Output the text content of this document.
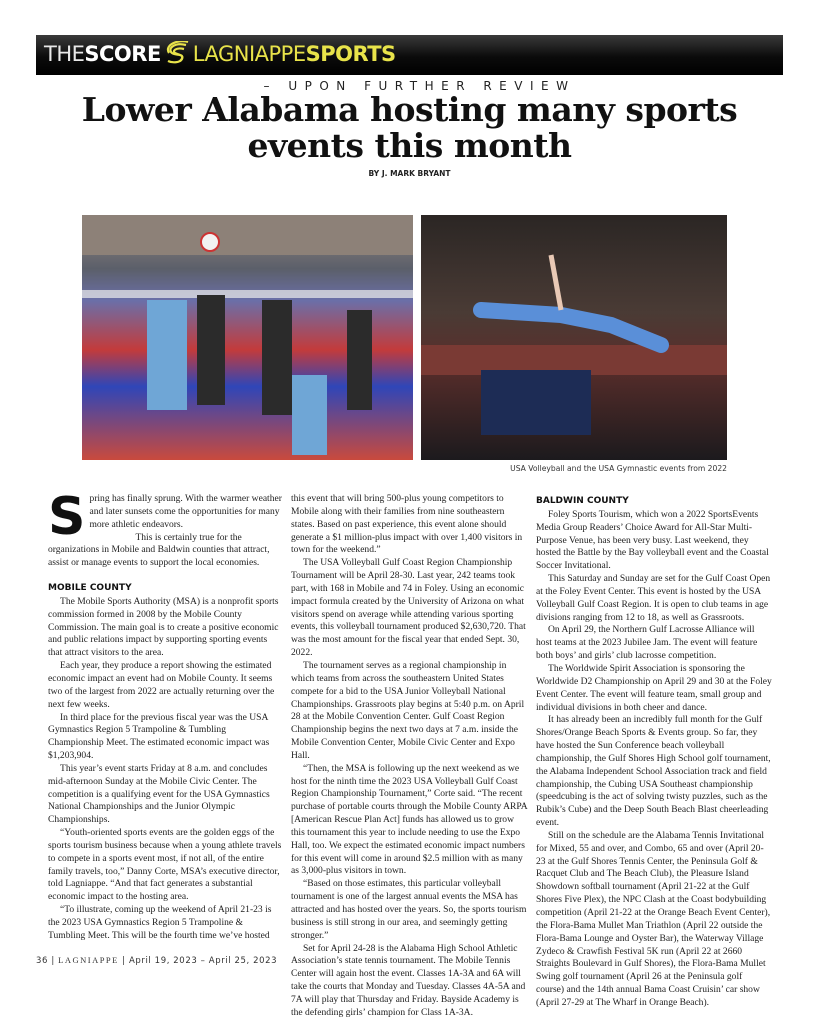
THESCORE LAGNIAPPESPORTS
– UPON FURTHER REVIEW
Lower Alabama hosting many sports events this month
BY J. MARK BRYANT
USA Volleyball and the USA Gymnastic events from 2022

Spring has finally sprung. With the warmer weather and later sunsets come the opportunities for many more athletic endeavors.

This is certainly true for the organizations in Mobile and Baldwin counties that attract, assist or manage events to support the local economies.

MOBILE COUNTY

The Mobile Sports Authority (MSA) is a nonprofit sports commission formed in 2008 by the Mobile County Commission. The main goal is to create a positive economic and public relations impact by supporting sporting events that attract visitors to the area.

Each year, they produce a report showing the estimated economic impact an event had on Mobile County. It seems two of the largest from 2022 are actually returning over the next few weeks.

In third place for the previous fiscal year was the USA Gymnastics Region 5 Trampoline & Tumbling Championship Meet. The estimated economic impact was $1,203,904.

This year’s event starts Friday at 8 a.m. and concludes mid-afternoon Sunday at the Mobile Civic Center. The competition is a qualifying event for the USA Gymnastics National Championships and the Junior Olympic Championships.

“Youth-oriented sports events are the golden eggs of the sports tourism business because when a young athlete travels to compete in a sports event most, if not all, of the entire family travels, too,” Danny Corte, MSA’s executive director, told Lagniappe. “And that fact generates a substantial economic impact to the hosting area.

“To illustrate, coming up the weekend of April 21-23 is the 2023 USA Gymnastics Region 5 Trampoline & Tumbling Meet. This will be the fourth time we’ve hosted

this event that will bring 500-plus young competitors to Mobile along with their families from nine southeastern states. Based on past experience, this event alone should generate a $1 million-plus impact with over 1,400 visitors in town for the weekend.”

The USA Volleyball Gulf Coast Region Championship Tournament will be April 28-30. Last year, 242 teams took part, with 168 in Mobile and 74 in Foley. Using an economic impact formula created by the University of Arizona on what visitors spend on average while attending various sporting events, this volleyball tournament produced $2,630,720. That was the most amount for the fiscal year that ended Sept. 30, 2022.

The tournament serves as a regional championship in which teams from across the southeastern United States compete for a bid to the USA Junior Volleyball National Championships. Grassroots play begins at 5:40 p.m. on April 28 at the Mobile Convention Center. Gulf Coast Region Championship begins the next two days at 7 a.m. inside the Mobile Convention Center, Mobile Civic Center and Expo Hall.

“Then, the MSA is following up the next weekend as we host for the ninth time the 2023 USA Volleyball Gulf Coast Region Championship Tournament,” Corte said. “The recent purchase of portable courts through the Mobile County ARPA [American Rescue Plan Act] funds has allowed us to grow this tournament this year to include needing to use the Expo Hall, too. We expect the estimated economic impact numbers for this event will come in around $2.5 million with as many as 3,000-plus visitors in town.

“Based on those estimates, this particular volleyball tournament is one of the largest annual events the MSA has attracted and has hosted over the years. So, the sports tourism business is still strong in our area, and seemingly getting stronger.”

Set for April 24-28 is the Alabama High School Athletic Association’s state tennis tournament. The Mobile Tennis Center will again host the event. Classes 1A-3A and 6A will take the courts that Monday and Tuesday. Classes 4A-5A and 7A will play that Thursday and Friday. Bayside Academy is the defending girls’ champion for Class 1A-3A.

BALDWIN COUNTY

Foley Sports Tourism, which won a 2022 SportsEvents Media Group Readers’ Choice Award for All-Star Multi-Purpose Venue, has been very busy. Last weekend, they hosted the Battle by the Bay volleyball event and the Coastal Soccer Invitational.

This Saturday and Sunday are set for the Gulf Coast Open at the Foley Event Center. This event is hosted by the USA Volleyball Gulf Coast Region. It is open to club teams in age divisions ranging from 12 to 18, as well as Grassroots.

On April 29, the Northern Gulf Lacrosse Alliance will host teams at the 2023 Jubilee Jam. The event will feature both boys’ and girls’ club lacrosse competition.

The Worldwide Spirit Association is sponsoring the Worldwide D2 Championship on April 29 and 30 at the Foley Event Center. The event will feature team, small group and individual divisions in both cheer and dance.

It has already been an incredibly full month for the Gulf Shores/Orange Beach Sports & Events group. So far, they have hosted the Sun Conference beach volleyball championship, the Gulf Shores High School golf tournament, the Alabama Independent School Association track and field championship, the Cubing USA Southeast championship (speedcubing is the act of solving twisty puzzles, such as the Rubik’s Cube) and the Deep South Beach Blast cheerleading event.

Still on the schedule are the Alabama Tennis Invitational for Mixed, 55 and over, and Combo, 65 and over (April 20-23 at the Gulf Shores Tennis Center, the Peninsula Golf & Racquet Club and The Beach Club), the Pleasure Island Showdown softball tournament (April 21-22 at the Gulf Shores Five Plex), the NPC Clash at the Coast bodybuilding competition (April 21-22 at the Orange Beach Event Center), the Flora-Bama Mullet Man Triathlon (April 22 outside the Flora-Bama Lounge and Oyster Bar), the Waterway Village Zydeco & Crawfish Festival 5K run (April 22 at 2660 Straights Boulevard in Gulf Shores), the Flora-Bama Mullet Swing golf tournament (April 26 at the Peninsula golf course) and the 14th annual Bama Coast Cruisin’ car show (April 27-29 at The Wharf in Orange Beach).

36 | LAGNIAPPE | April 19, 2023 – April 25, 2023
